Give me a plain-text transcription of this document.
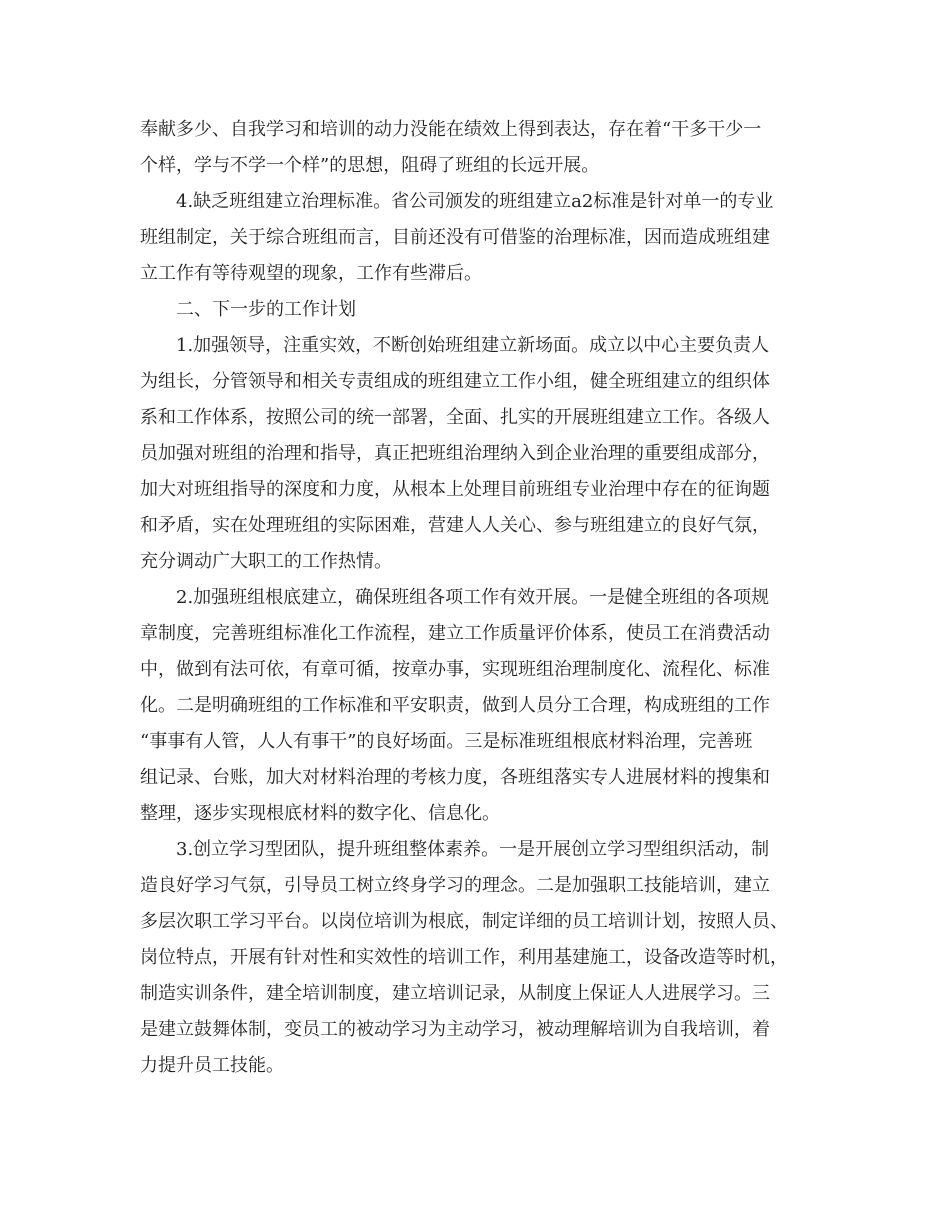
奉献多少、自我学习和培训的动力没能在绩效上得到表达，存在着“干多干少一
个样，学与不学一个样”的思想，阻碍了班组的长远开展。
4.缺乏班组建立治理标准。省公司颁发的班组建立a2标准是针对单一的专业
班组制定，关于综合班组而言，目前还没有可借鉴的治理标准，因而造成班组建
立工作有等待观望的现象，工作有些滞后。
二、下一步的工作计划
1.加强领导，注重实效，不断创始班组建立新场面。成立以中心主要负责人
为组长，分管领导和相关专责组成的班组建立工作小组，健全班组建立的组织体
系和工作体系，按照公司的统一部署，全面、扎实的开展班组建立工作。各级人
员加强对班组的治理和指导，真正把班组治理纳入到企业治理的重要组成部分，
加大对班组指导的深度和力度，从根本上处理目前班组专业治理中存在的征询题
和矛盾，实在处理班组的实际困难，营建人人关心、参与班组建立的良好气氛，
充分调动广大职工的工作热情。
2.加强班组根底建立，确保班组各项工作有效开展。一是健全班组的各项规
章制度，完善班组标准化工作流程，建立工作质量评价体系，使员工在消费活动
中，做到有法可依，有章可循，按章办事，实现班组治理制度化、流程化、标准
化。二是明确班组的工作标准和平安职责，做到人员分工合理，构成班组的工作
“事事有人管，人人有事干”的良好场面。三是标准班组根底材料治理，完善班
组记录、台账，加大对材料治理的考核力度，各班组落实专人进展材料的搜集和
整理，逐步实现根底材料的数字化、信息化。
3.创立学习型团队，提升班组整体素养。一是开展创立学习型组织活动，制
造良好学习气氛，引导员工树立终身学习的理念。二是加强职工技能培训，建立
多层次职工学习平台。以岗位培训为根底，制定详细的员工培训计划，按照人员、
岗位特点，开展有针对性和实效性的培训工作，利用基建施工，设备改造等时机，
制造实训条件，建全培训制度，建立培训记录，从制度上保证人人进展学习。三
是建立鼓舞体制，变员工的被动学习为主动学习，被动理解培训为自我培训，着
力提升员工技能。
